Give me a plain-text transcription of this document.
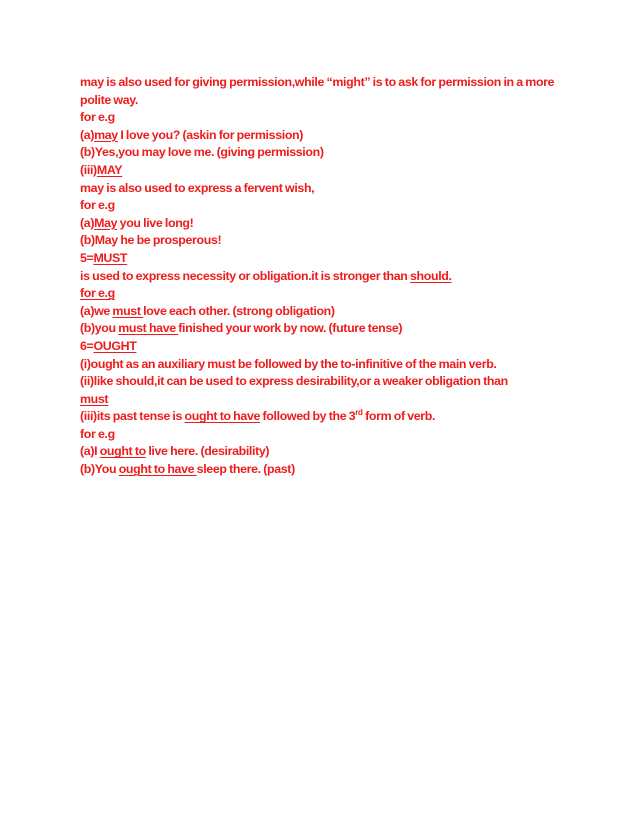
may is also used for giving permission,while “might” is to ask for permission in a more polite way.

for e.g

(a)may I love you? (askin for permission)

(b)Yes,you may love me. (giving permission)

(iii)MAY

may is also used to express a fervent wish,

for e.g

(a)May you live long!

(b)May he be prosperous!

5=MUST

is used to express necessity or obligation.it is stronger than should.

for e.g

(a)we must love each other. (strong obligation)

(b)you must have finished your work by now. (future tense)

6=OUGHT

(i)ought as an auxiliary must be followed by the to-infinitive of the main verb.

(ii)like should,it can be used to express desirability,or a weaker obligation than

must

(iii)its past tense is ought to have followed by the 3rd form of verb.

for e.g

(a)I ought to live here. (desirability)

(b)You ought to have sleep there. (past)
